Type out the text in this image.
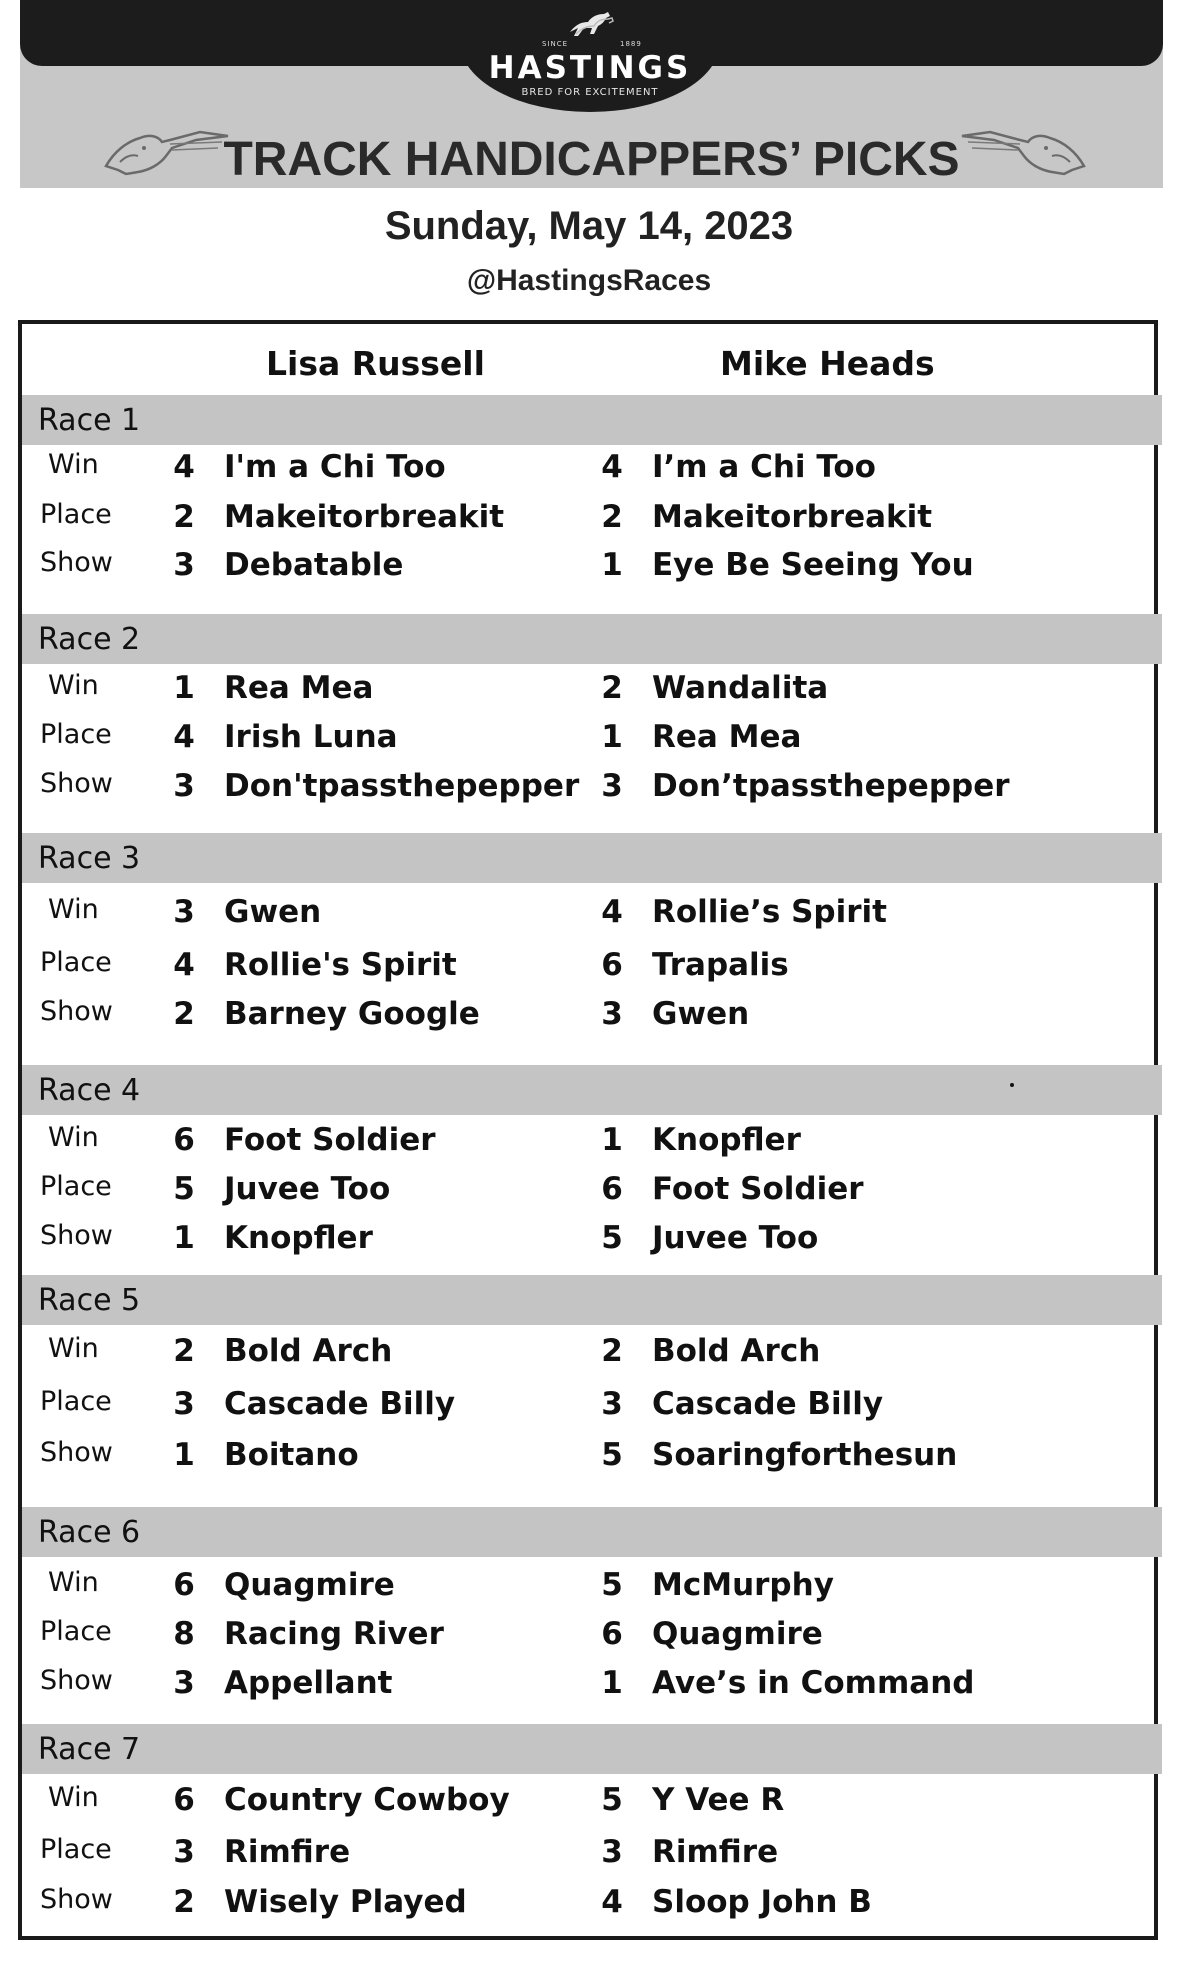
SINCE	1889
HASTINGS
BRED FOR EXCITEMENT
TRACK HANDICAPPERS’ PICKS
Sunday, May 14, 2023
@HastingsRaces
Lisa Russell	Mike Heads
Race 1
Win 4 I'm a Chi Too	4 I’m a Chi Too
Place 2 Makeitorbreakit	2 Makeitorbreakit
Show 3 Debatable	1 Eye Be Seeing You
Race 2
Win 1 Rea Mea	2 Wandalita
Place 4 Irish Luna	1 Rea Mea
Show 3 Don'tpassthepepper 3 Don’tpassthepepper
Race 3
Win 3 Gwen	4 Rollie’s Spirit
Place 4 Rollie's Spirit	6 Trapalis
Show 2 Barney Google	3 Gwen
Race 4
Win 6 Foot Soldier	1 Knopfler
Place 5 Juvee Too	6 Foot Soldier
Show 1 Knopfler	5 Juvee Too
Race 5
Win 2 Bold Arch	2 Bold Arch
Place 3 Cascade Billy	3 Cascade Billy
Show 1 Boitano	5 Soaringforthesun
Race 6
Win 6 Quagmire	5 McMurphy
Place 8 Racing River	6 Quagmire
Show 3 Appellant	1 Ave’s in Command
Race 7
Win 6 Country Cowboy	5 Y Vee R
Place 3 Rimfire	3 Rimfire
Show 2 Wisely Played	4 Sloop John B
